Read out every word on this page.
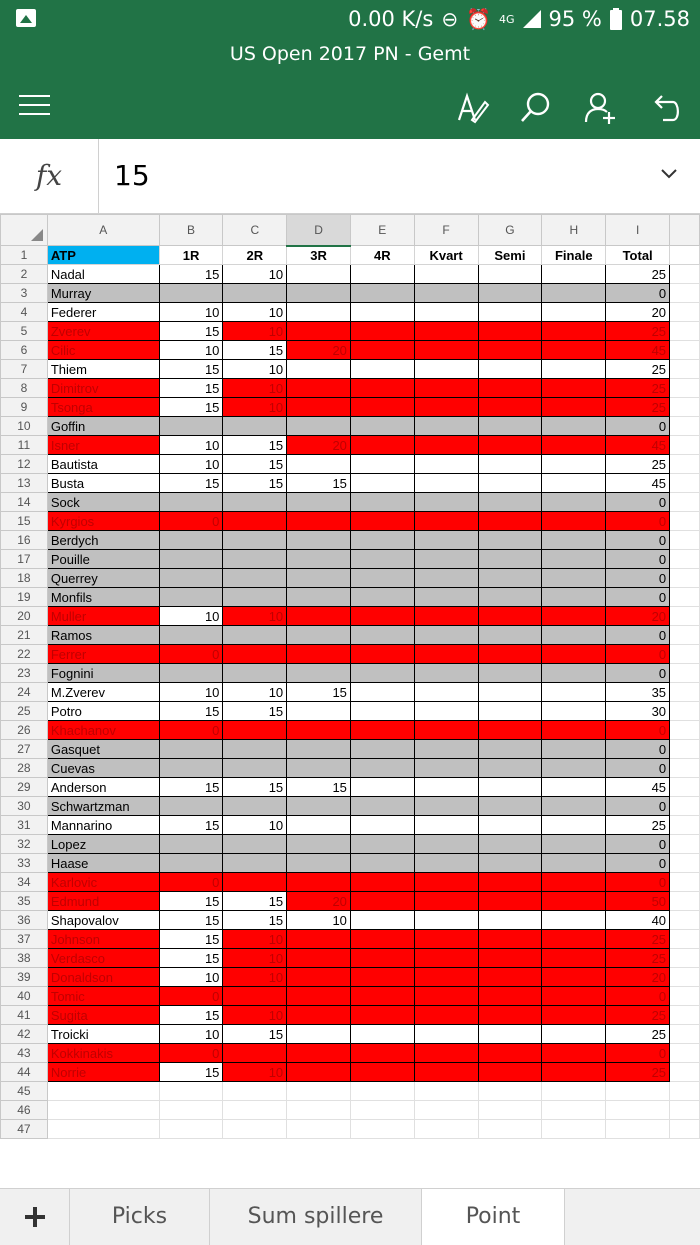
0.00 K/s ⊖ ⏰ 4G 95 % 07.58
US Open 2017 PN - Gemt
fx	15
	A	B	C	D	E	F	G	H	I	
1	ATP	1R	2R	3R	4R	Kvart	Semi	Finale	Total	
2	Nadal	15	10						25	
3	Murray								0	
4	Federer	10	10						20	
5	Zverev	15	10						25	
6	Cilic	10	15	20					45	
7	Thiem	15	10						25	
8	Dimitrov	15	10						25	
9	Tsonga	15	10						25	
10	Goffin								0	
11	Isner	10	15	20					45	
12	Bautista	10	15						25	
13	Busta	15	15	15					45	
14	Sock								0	
15	Kyrgios	0							0	
16	Berdych								0	
17	Pouille								0	
18	Querrey								0	
19	Monfils								0	
20	Muller	10	10						20	
21	Ramos								0	
22	Ferrer	0							0	
23	Fognini								0	
24	M.Zverev	10	10	15					35	
25	Potro	15	15						30	
26	Khachanov	0							0	
27	Gasquet								0	
28	Cuevas								0	
29	Anderson	15	15	15					45	
30	Schwartzman								0	
31	Mannarino	15	10						25	
32	Lopez								0	
33	Haase								0	
34	Karlovic	0							0	
35	Edmund	15	15	20					50	
36	Shapovalov	15	15	10					40	
37	Johnson	15	10						25	
38	Verdasco	15	10						25	
39	Donaldson	10	10						20	
40	Tomic	0							0	
41	Sugita	15	10						25	
42	Troicki	10	15						25	
43	Kokkinakis	0							0	
44	Norrie	15	10						25	
45										
46										
47										
Picks	Sum spillere	Point
